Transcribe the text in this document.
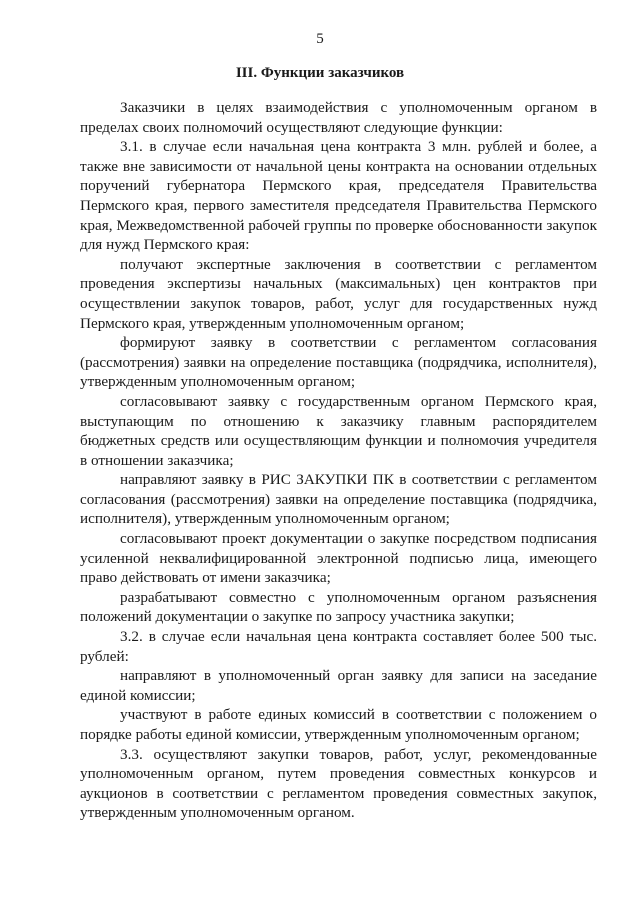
5
III. Функции заказчиков

Заказчики в целях взаимодействия с уполномоченным органом в пределах своих полномочий осуществляют следующие функции:

3.1. в случае если начальная цена контракта 3 млн. рублей и более, а также вне зависимости от начальной цены контракта на основании отдельных поручений губернатора Пермского края, председателя Правительства Пермского края, первого заместителя председателя Правительства Пермского края, Межведомственной рабочей группы по проверке обоснованности закупок для нужд Пермского края:

получают экспертные заключения в соответствии с регламентом проведения экспертизы начальных (максимальных) цен контрактов при осуществлении закупок товаров, работ, услуг для государственных нужд Пермского края, утвержденным уполномоченным органом;

формируют заявку в соответствии с регламентом согласования (рассмотрения) заявки на определение поставщика (подрядчика, исполнителя), утвержденным уполномоченным органом;

согласовывают заявку с государственным органом Пермского края, выступающим по отношению к заказчику главным распорядителем бюджетных средств или осуществляющим функции и полномочия учредителя в отношении заказчика;

направляют заявку в РИС ЗАКУПКИ ПК в соответствии с регламентом согласования (рассмотрения) заявки на определение поставщика (подрядчика, исполнителя), утвержденным уполномоченным органом;

согласовывают проект документации о закупке посредством подписания усиленной неквалифицированной электронной подписью лица, имеющего право действовать от имени заказчика;

разрабатывают совместно с уполномоченным органом разъяснения положений документации о закупке по запросу участника закупки;

3.2. в случае если начальная цена контракта составляет более 500 тыс. рублей:

направляют в уполномоченный орган заявку для записи на заседание единой комиссии;

участвуют в работе единых комиссий в соответствии с положением о порядке работы единой комиссии, утвержденным уполномоченным органом;

3.3. осуществляют закупки товаров, работ, услуг, рекомендованные уполномоченным органом, путем проведения совместных конкурсов и аукционов в соответствии с регламентом проведения совместных закупок, утвержденным уполномоченным органом.
